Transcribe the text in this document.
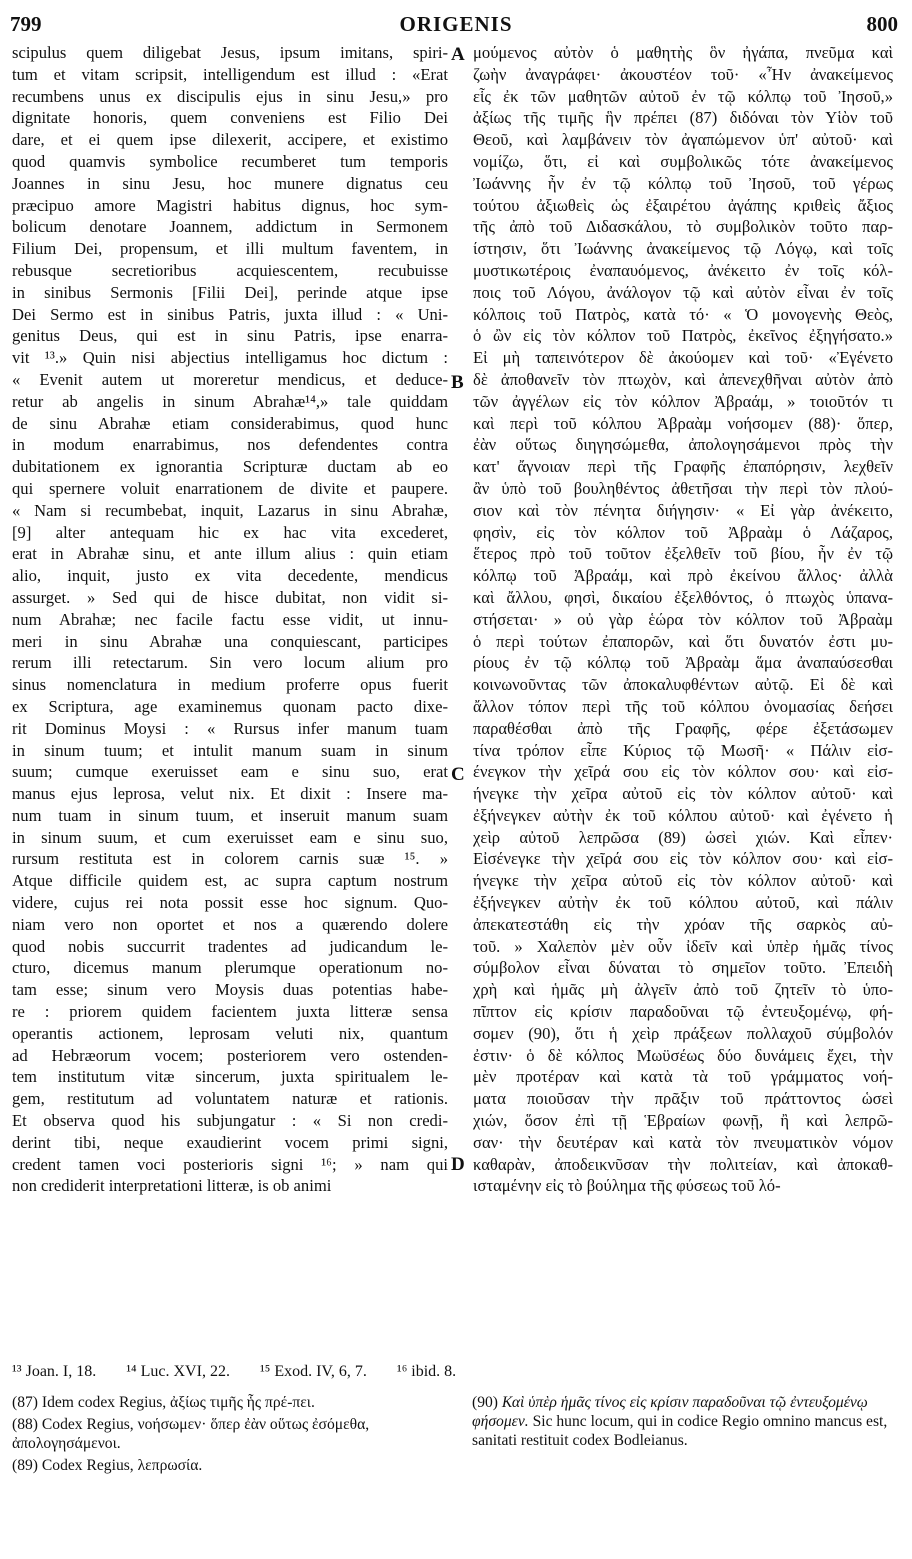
799	ORIGENIS	800
scipulus quem diligebat Jesus, ipsum imitans, spiri-
tum et vitam scripsit, intelligendum est illud : «Erat
recumbens unus ex discipulis ejus in sinu Jesu,» pro
dignitate honoris, quem conveniens est Filio Dei
dare, et ei quem ipse dilexerit, accipere, et existimo
quod quamvis symbolice recumberet tum temporis
Joannes in sinu Jesu, hoc munere dignatus ceu
præcipuo amore Magistri habitus dignus, hoc sym-
bolicum denotare Joannem, addictum in Sermonem
Filium Dei, propensum, et illi multum faventem, in
rebusque secretioribus acquiescentem, recubuisse
in sinibus Sermonis [Filii Dei], perinde atque ipse
Dei Sermo est in sinibus Patris, juxta illud : « Uni-
genitus Deus, qui est in sinu Patris, ipse enarra-
vit ¹³.» Quin nisi abjectius intelligamus hoc dictum :
« Evenit autem ut moreretur mendicus, et deduce-
retur ab angelis in sinum Abrahæ¹⁴,» tale quiddam
de sinu Abrahæ etiam considerabimus, quod hunc
in modum enarrabimus, nos defendentes contra
dubitationem ex ignorantia Scripturæ ductam ab eo
qui spernere voluit enarrationem de divite et paupere.
« Nam si recumbebat, inquit, Lazarus in sinu Abrahæ,
[9] alter antequam hic ex hac vita excederet,
erat in Abrahæ sinu, et ante illum alius : quin etiam
alio, inquit, justo ex vita decedente, mendicus
assurget. » Sed qui de hisce dubitat, non vidit si-
num Abrahæ; nec facile factu esse vidit, ut innu-
meri in sinu Abrahæ una conquiescant, participes
rerum illi retectarum. Sin vero locum alium pro
sinus nomenclatura in medium proferre opus fuerit
ex Scriptura, age examinemus quonam pacto dixe-
rit Dominus Moysi : « Rursus infer manum tuam
in sinum tuum; et intulit manum suam in sinum
suum; cumque exeruisset eam e sinu suo, erat
manus ejus leprosa, velut nix. Et dixit : Insere ma-
num tuam in sinum tuum, et inseruit manum suam
in sinum suum, et cum exeruisset eam e sinu suo,
rursum restituta est in colorem carnis suæ ¹⁵. »
Atque difficile quidem est, ac supra captum nostrum
videre, cujus rei nota possit esse hoc signum. Quo-
niam vero non oportet et nos a quærendo dolere
quod nobis succurrit tradentes ad judicandum le-
cturo, dicemus manum plerumque operationum no-
tam esse; sinum vero Moysis duas potentias habe-
re : priorem quidem facientem juxta litteræ sensa
operantis actionem, leprosam veluti nix, quantum
ad Hebræorum vocem; posteriorem vero ostenden-
tem institutum vitæ sincerum, juxta spiritualem le-
gem, restitutum ad voluntatem naturæ et rationis.
Et observa quod his subjungatur : « Si non credi-
derint tibi, neque exaudierint vocem primi signi,
credent tamen voci posterioris signi ¹⁶; » nam qui
non crediderit interpretationi litteræ, is ob animi
μούμενος αὐτὸν ὁ μαθητὴς ὃν ἠγάπα, πνεῦμα καὶ
ζωὴν ἀναγράφει· ἀκουστέον τοῦ· «Ἦν ἀνακείμενος
εἷς ἐκ τῶν μαθητῶν αὐτοῦ ἐν τῷ κόλπῳ τοῦ Ἰησοῦ,»
ἀξίως τῆς τιμῆς ἣν πρέπει (87) διδόναι τὸν Υἱὸν τοῦ
Θεοῦ, καὶ λαμβάνειν τὸν ἀγαπώμενον ὑπ' αὐτοῦ· καὶ
νομίζω, ὅτι, εἰ καὶ συμβολικῶς τότε ἀνακείμενος
Ἰωάννης ἦν ἐν τῷ κόλπῳ τοῦ Ἰησοῦ, τοῦ γέρως
τούτου ἀξιωθεὶς ὡς ἐξαιρέτου ἀγάπης κριθεὶς ἄξιος
τῆς ἀπὸ τοῦ Διδασκάλου, τὸ συμβολικὸν τοῦτο παρ-
ίστησιν, ὅτι Ἰωάννης ἀνακείμενος τῷ Λόγῳ, καὶ τοῖς
μυστικωτέροις ἐναπαυόμενος, ἀνέκειτο ἐν τοῖς κόλ-
ποις τοῦ Λόγου, ἀνάλογον τῷ καὶ αὐτὸν εἶναι ἐν τοῖς
κόλποις τοῦ Πατρὸς, κατὰ τό· « Ὁ μονογενὴς Θεὸς,
ὁ ὢν εἰς τὸν κόλπον τοῦ Πατρὸς, ἐκεῖνος ἐξηγήσατο.»
Εἰ μὴ ταπεινότερον δὲ ἀκούομεν καὶ τοῦ· «Ἐγένετο
δὲ ἀποθανεῖν τὸν πτωχὸν, καὶ ἀπενεχθῆναι αὐτὸν ἀπὸ
τῶν ἀγγέλων εἰς τὸν κόλπον Ἀβραάμ, » τοιοῦτόν τι
καὶ περὶ τοῦ κόλπου Ἀβραὰμ νοήσομεν (88)· ὅπερ,
ἐὰν οὕτως διηγησώμεθα, ἀπολογησάμενοι πρὸς τὴν
κατ' ἄγνοιαν περὶ τῆς Γραφῆς ἐπαπόρησιν, λεχθεῖν
ἂν ὑπὸ τοῦ βουληθέντος ἀθετῆσαι τὴν περὶ τὸν πλού-
σιον καὶ τὸν πένητα διήγησιν· « Εἰ γὰρ ἀνέκειτο,
φησὶν, εἰς τὸν κόλπον τοῦ Ἀβραὰμ ὁ Λάζαρος,
ἕτερος πρὸ τοῦ τοῦτον ἐξελθεῖν τοῦ βίου, ἦν ἐν τῷ
κόλπῳ τοῦ Ἀβραάμ, καὶ πρὸ ἐκείνου ἄλλος· ἀλλὰ
καὶ ἄλλου, φησὶ, δικαίου ἐξελθόντος, ὁ πτωχὸς ὑπανα-
στήσεται· » οὐ γὰρ ἑώρα τὸν κόλπον τοῦ Ἀβραὰμ
ὁ περὶ τούτων ἐπαπορῶν, καὶ ὅτι δυνατόν ἐστι μυ-
ρίους ἐν τῷ κόλπῳ τοῦ Ἀβραὰμ ἅμα ἀναπαύσεσθαι
κοινωνοῦντας τῶν ἀποκαλυφθέντων αὐτῷ. Εἰ δὲ καὶ
ἄλλον τόπον περὶ τῆς τοῦ κόλπου ὀνομασίας δεήσει
παραθέσθαι ἀπὸ τῆς Γραφῆς, φέρε ἐξετάσωμεν
τίνα τρόπον εἶπε Κύριος τῷ Μωσῆ· « Πάλιν εἰσ-
ένεγκον τὴν χεῖρά σου εἰς τὸν κόλπον σου· καὶ εἰσ-
ήνεγκε τὴν χεῖρα αὐτοῦ εἰς τὸν κόλπον αὐτοῦ· καὶ
ἐξήνεγκεν αὐτὴν ἐκ τοῦ κόλπου αὐτοῦ· καὶ ἐγένετο ἡ
χεὶρ αὐτοῦ λεπρῶσα (89) ὡσεὶ χιών. Καὶ εἶπεν·
Εἰσένεγκε τὴν χεῖρά σου εἰς τὸν κόλπον σου· καὶ εἰσ-
ήνεγκε τὴν χεῖρα αὐτοῦ εἰς τὸν κόλπον αὐτοῦ· καὶ
ἐξήνεγκεν αὐτὴν ἐκ τοῦ κόλπου αὐτοῦ, καὶ πάλιν
ἀπεκατεστάθη εἰς τὴν χρόαν τῆς σαρκὸς αὐ-
τοῦ. » Χαλεπὸν μὲν οὖν ἰδεῖν καὶ ὑπὲρ ἡμᾶς τίνος
σύμβολον εἶναι δύναται τὸ σημεῖον τοῦτο. Ἐπειδὴ
χρὴ καὶ ἡμᾶς μὴ ἀλγεῖν ἀπὸ τοῦ ζητεῖν τὸ ὑπο-
πῖπτον εἰς κρίσιν παραδοῦναι τῷ ἐντευξομένῳ, φή-
σομεν (90), ὅτι ἡ χεὶρ πράξεων πολλαχοῦ σύμβολόν
ἐστιν· ὁ δὲ κόλπος Μωϋσέως δύο δυνάμεις ἔχει, τὴν
μὲν προτέραν καὶ κατὰ τὰ τοῦ γράμματος νοή-
ματα ποιοῦσαν τὴν πρᾶξιν τοῦ πράττοντος ὡσεὶ
χιών, ὅσον ἐπὶ τῇ Ἑβραίων φωνῇ, ἢ καὶ λεπρῶ-
σαν· τὴν δευτέραν καὶ κατὰ τὸν πνευματικὸν νόμον
καθαρὰν, ἀποδεικνῦσαν τὴν πολιτείαν, καὶ ἀποκαθ-
ισταμένην εἰς τὸ βούλημα τῆς φύσεως τοῦ λό-
A
B
C
D
¹³ Joan. I, 18. ¹⁴ Luc. XVI, 22. ¹⁵ Exod. IV, 6, 7. ¹⁶ ibid. 8.
(87) Idem codex Regius, ἀξίως τιμῆς ἧς πρέ-πει.
(88) Codex Regius, νοήσωμεν· ὅπερ ἐὰν οὕτως ἐσόμεθα, ἀπολογησάμενοι.
(89) Codex Regius, λεπρωσία.
(90) Καὶ ὑπὲρ ἡμᾶς τίνος εἰς κρίσιν παραδοῦναι τῷ ἐντευξομένῳ φήσομεν. Sic hunc locum, qui in codice Regio omnino mancus est, sanitati restituit codex Bodleianus.
